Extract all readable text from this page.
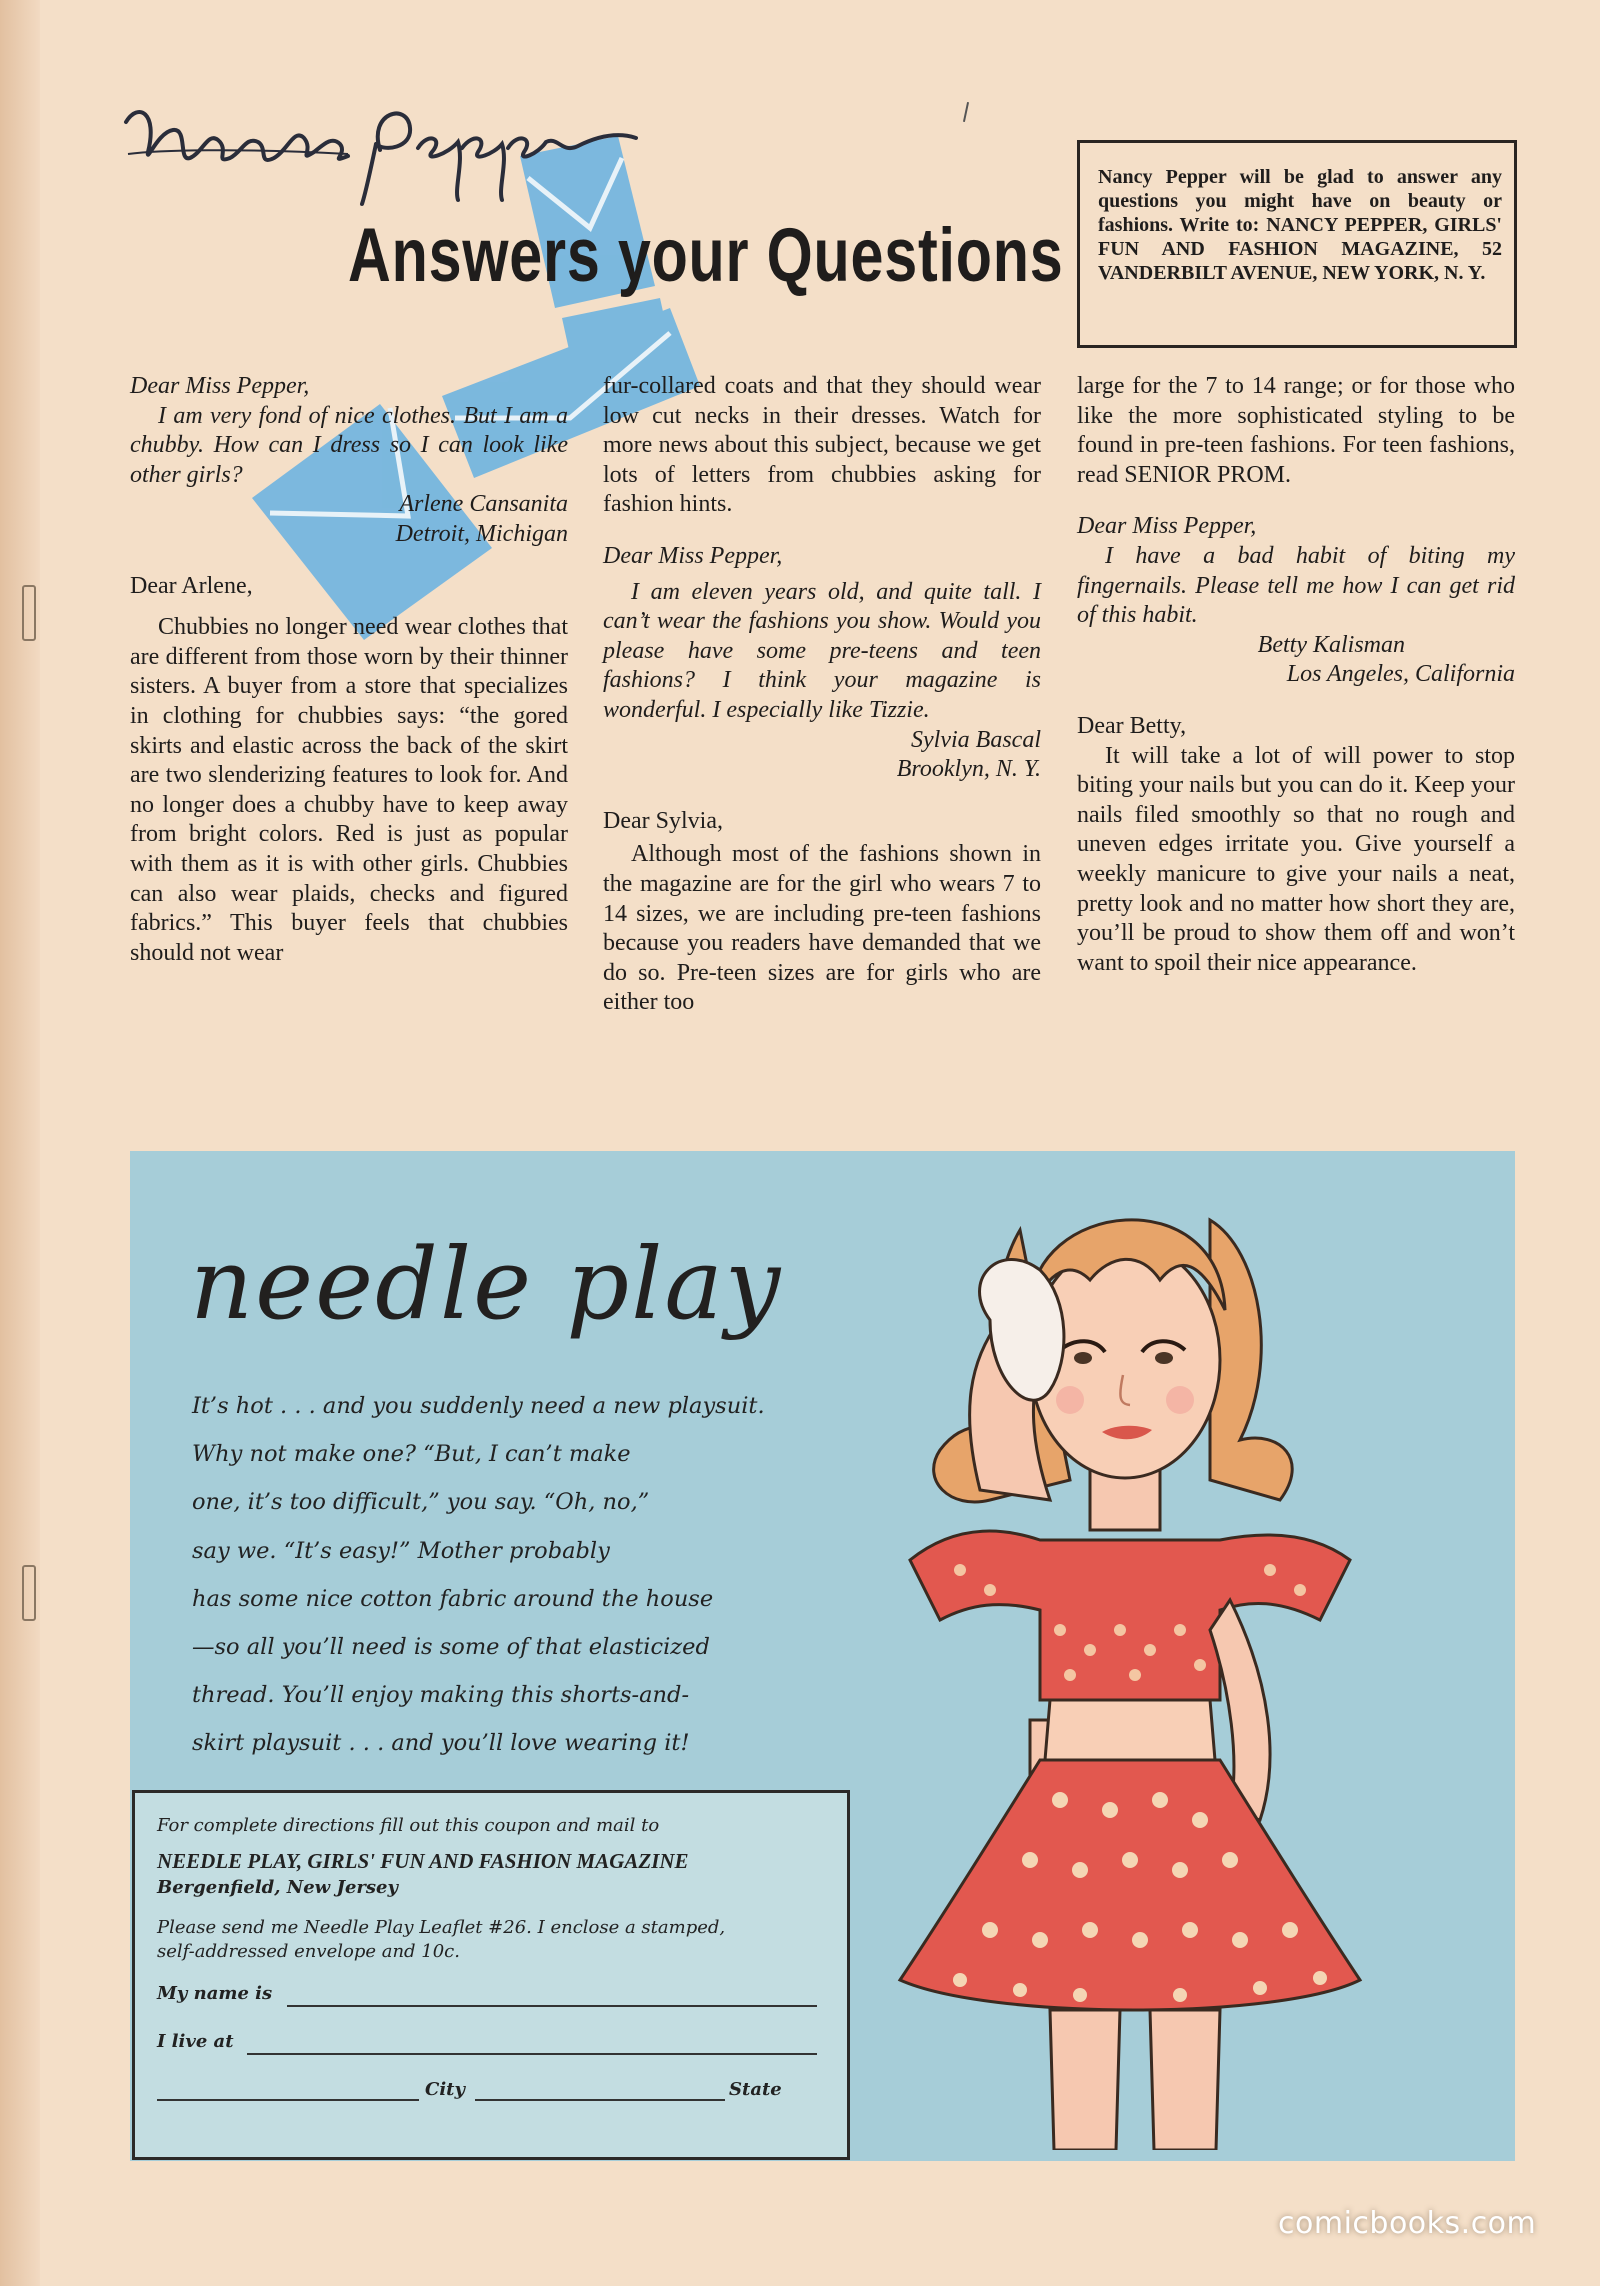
Answers your Questions
Nancy Pepper will be glad to answer any questions you might have on beauty or fashions. Write to: NANCY PEPPER, GIRLS' FUN AND FASHION MAGAZINE, 52 VANDERBILT AVENUE, NEW YORK, N. Y.

Dear Miss Pepper,

I am very fond of nice clothes. But I am a chubby. How can I dress so I can look like other girls?

Arlene Cansanita

Detroit, Michigan

Dear Arlene,

Chubbies no longer need wear clothes that are different from those worn by their thinner sisters. A buyer from a store that specializes in clothing for chubbies says: “the gored skirts and elastic across the back of the skirt are two slenderizing features to look for. And no longer does a chubby have to keep away from bright colors. Red is just as popular with them as it is with other girls. Chubbies can also wear plaids, checks and figured fabrics.” This buyer feels that chubbies should not wear

fur-collared coats and that they should wear low cut necks in their dresses. Watch for more news about this subject, because we get lots of letters from chubbies asking for fashion hints.

Dear Miss Pepper,

I am eleven years old, and quite tall. I can’t wear the fashions you show. Would you please have some pre-teens and teen fashions? I think your magazine is wonderful. I especially like Tizzie.

Sylvia Bascal

Brooklyn, N. Y.

Dear Sylvia,

Although most of the fashions shown in the magazine are for the girl who wears 7 to 14 sizes, we are including pre-teen fashions because you readers have demanded that we do so. Pre-teen sizes are for girls who are either too

large for the 7 to 14 range; or for those who like the more sophisticated styling to be found in pre-teen fashions. For teen fashions, read SENIOR PROM.

Dear Miss Pepper,

I have a bad habit of biting my fingernails. Please tell me how I can get rid of this habit.

Betty Kalisman

Los Angeles, California

Dear Betty,

It will take a lot of will power to stop biting your nails but you can do it. Keep your nails filed smoothly so that no rough and uneven edges irritate you. Give yourself a weekly manicure to give your nails a neat, pretty look and no matter how short they are, you’ll be proud to show them off and won’t want to spoil their nice appearance.

needle play
It’s hot . . . and you suddenly need a new playsuit.
Why not make one? “But, I can’t make
one, it’s too difficult,” you say. “Oh, no,”
say we. “It’s easy!” Mother probably
has some nice cotton fabric around the house
—so all you’ll need is some of that elasticized
thread. You’ll enjoy making this shorts-and-
skirt playsuit . . . and you’ll love wearing it!
For complete directions fill out this coupon and mail to
NEEDLE PLAY, GIRLS' FUN AND FASHION MAGAZINE
Bergenfield, New Jersey
Please send me Needle Play Leaflet #26. I enclose a stamped,
self-addressed envelope and 10c.
My name is
I live at
City	State
comicbooks.com
